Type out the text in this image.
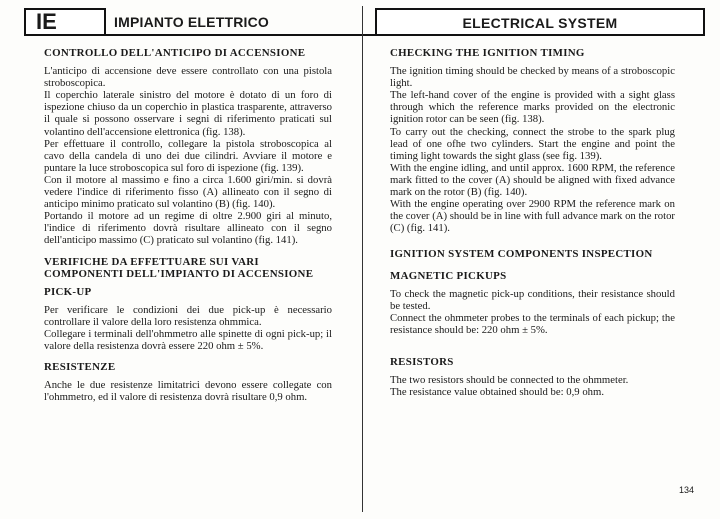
IE	IMPIANTO ELETTRICO	ELECTRICAL SYSTEM
CONTROLLO DELL'ANTICIPO DI ACCENSIONE

L'anticipo di accensione deve essere controllato con una pistola stroboscopica.

Il coperchio laterale sinistro del motore è dotato di un foro di ispezione chiuso da un coperchio in plastica trasparente, attraverso il quale si possono osservare i segni di riferimento praticati sul volantino dell'accensione elettronica (fig. 138).

Per effettuare il controllo, collegare la pistola stroboscopica al cavo della candela di uno dei due cilindri. Avviare il motore e puntare la luce stroboscopica sul foro di ispezione (fig. 139).

Con il motore al massimo e fino a circa 1.600 giri/min. si dovrà vedere l'indice di riferimento fisso (A) allineato con il segno di anticipo minimo praticato sul volantino (B) (fig. 140).

Portando il motore ad un regime di oltre 2.900 giri al minuto, l'indice di riferimento dovrà risultare allineato con il segno dell'anticipo massimo (C) praticato sul volantino (fig. 141).

VERIFICHE DA EFFETTUARE SUI VARI
COMPONENTI DELL'IMPIANTO DI ACCENSIONE
PICK-UP

Per verificare le condizioni dei due pick-up è necessario controllare il valore della loro resistenza ohmmica.

Collegare i terminali dell'ohmmetro alle spinette di ogni pick-up; il valore della resistenza dovrà essere 220 ohm ± 5%.

RESISTENZE

Anche le due resistenze limitatrici devono essere collegate con l'ohmmetro, ed il valore di resistenza dovrà risultare 0,9 ohm.

CHECKING THE IGNITION TIMING

The ignition timing should be checked by means of a stroboscopic light.

The left-hand cover of the engine is provided with a sight glass through which the reference marks provided on the electronic ignition rotor can be seen (fig. 138).

To carry out the checking, connect the strobe to the spark plug lead of one ofhe two cylinders. Start the engine and point the timing light towards the sight glass (see fig. 139).

With the engine idling, and until approx. 1600 RPM, the reference mark fitted to the cover (A) should be aligned with fixed advance mark on the rotor (B) (fig. 140).

With the engine operating over 2900 RPM the reference mark on the cover (A) should be in line with full advance mark on the rotor (C) (fig. 141).

IGNITION SYSTEM COMPONENTS INSPECTION
MAGNETIC PICKUPS

To check the magnetic pick-up conditions, their resistance should be tested.

Connect the ohmmeter probes to the terminals of each pickup; the resistance should be: 220 ohm ± 5%.

RESISTORS

The two resistors should be connected to the ohmmeter.

The resistance value obtained should be: 0,9 ohm.

134
